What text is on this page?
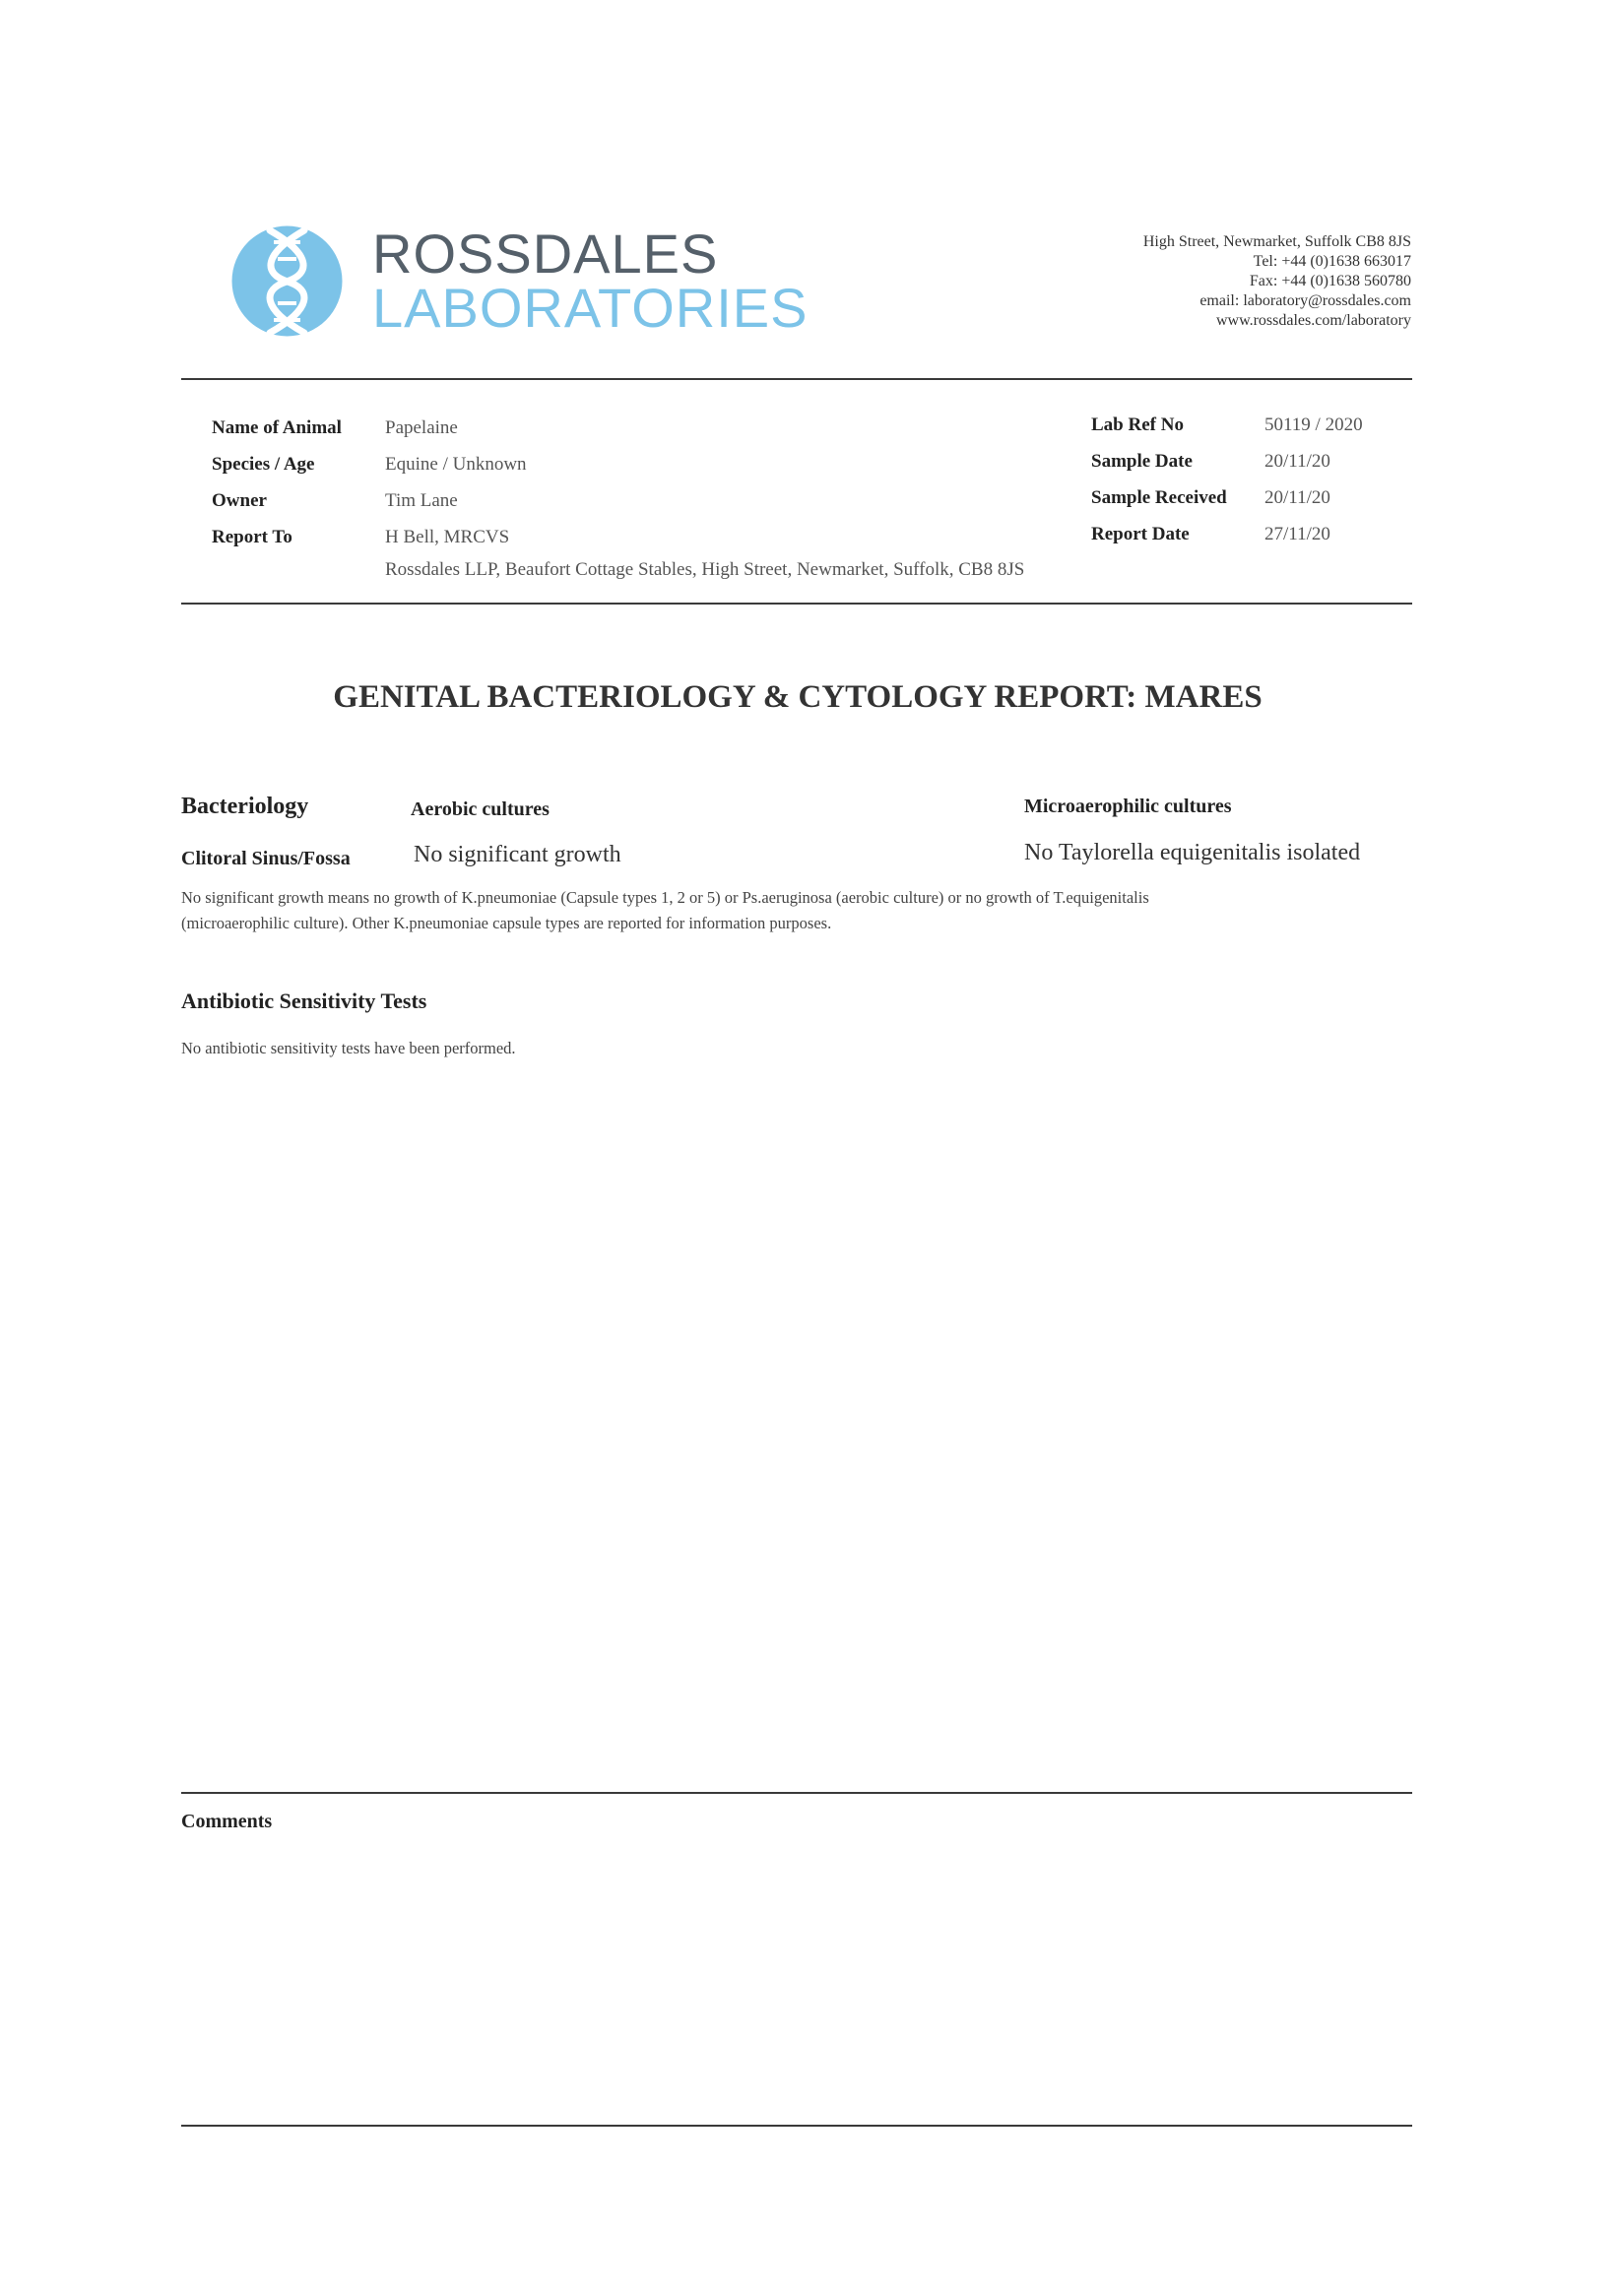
ROSSDALES
LABORATORIES
High Street, Newmarket, Suffolk CB8 8JS
Tel: +44 (0)1638 663017
Fax: +44 (0)1638 560780
email: laboratory@rossdales.com
www.rossdales.com/laboratory
Name of Animal Papelaine
Species / Age	Equine / Unknown
Owner	Tim Lane
Report To	H Bell, MRCVS
Rossdales LLP, Beaufort Cottage Stables, High Street, Newmarket, Suffolk, CB8 8JS
Lab Ref No	50119 / 2020
Sample Date	20/11/20
Sample Received 20/11/20
Report Date	27/11/20
GENITAL BACTERIOLOGY & CYTOLOGY REPORT: MARES
Bacteriology	Aerobic cultures	Microaerophilic cultures
Clitoral Sinus/Fossa	No significant growth	No Taylorella equigenitalis isolated
No significant growth means no growth of K.pneumoniae (Capsule types 1, 2 or 5) or Ps.aeruginosa (aerobic culture) or no growth of T.equigenitalis
(microaerophilic culture). Other K.pneumoniae capsule types are reported for information purposes.
Antibiotic Sensitivity Tests
No antibiotic sensitivity tests have been performed.
Comments
